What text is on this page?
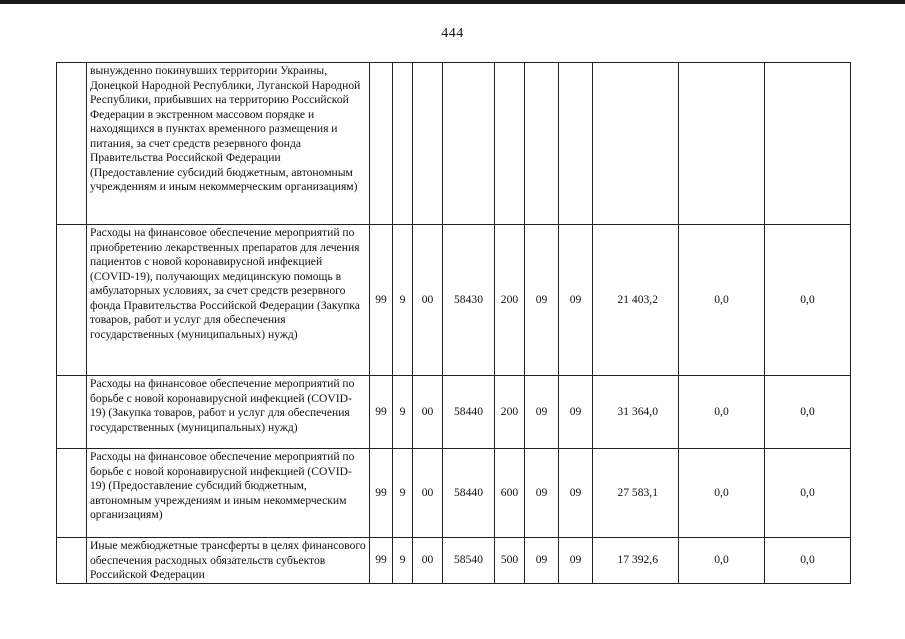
444
	вынужденно покинувших территории Украины, Донецкой Народной Республики, Луганской Народной Республики, прибывших на территорию Российской Федерации в экстренном массовом порядке и находящихся в пунктах временного размещения и питания, за счет средств резервного фонда Правительства Российской Федерации (Предоставление субсидий бюджетным, автономным учреждениям и иным некоммерческим организациям)										
	Расходы на финансовое обеспечение мероприятий по приобретению лекарственных препаратов для лечения пациентов с новой коронавирусной инфекцией (COVID-19), получающих медицинскую помощь в амбулаторных условиях, за счет средств резервного фонда Правительства Российской Федерации (Закупка товаров, работ и услуг для обеспечения государственных (муниципальных) нужд)	99	9	00	58430	200	09	09	21 403,2	0,0	0,0
	Расходы на финансовое обеспечение мероприятий по борьбе с новой коронавирусной инфекцией (COVID-19) (Закупка товаров, работ и услуг для обеспечения государственных (муниципальных) нужд)	99	9	00	58440	200	09	09	31 364,0	0,0	0,0
	Расходы на финансовое обеспечение мероприятий по борьбе с новой коронавирусной инфекцией (COVID-19) (Предоставление субсидий бюджетным, автономным учреждениям и иным некоммерческим организациям)	99	9	00	58440	600	09	09	27 583,1	0,0	0,0
	Иные межбюджетные трансферты в целях финансового обеспечения расходных обязательств субъектов Российской Федерации	99	9	00	58540	500	09	09	17 392,6	0,0	0,0
